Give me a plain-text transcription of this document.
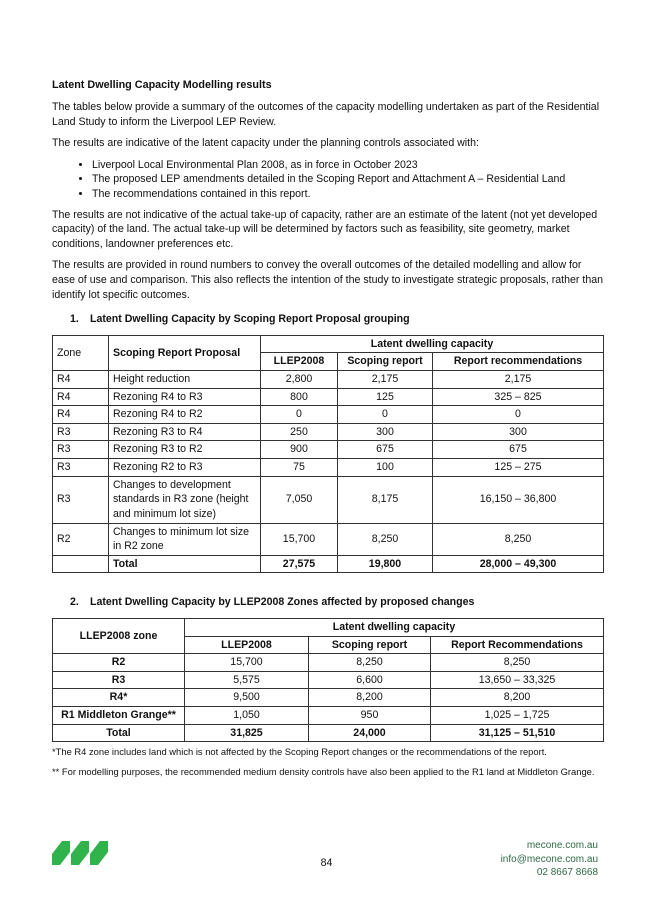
Latent Dwelling Capacity Modelling results

The tables below provide a summary of the outcomes of the capacity modelling undertaken as part of the Residential Land Study to inform the Liverpool LEP Review.

The results are indicative of the latent capacity under the planning controls associated with:

• Liverpool Local Environmental Plan 2008, as in force in October 2023
• The proposed LEP amendments detailed in the Scoping Report and Attachment A – Residential Land
• The recommendations contained in this report.

The results are not indicative of the actual take-up of capacity, rather are an estimate of the latent (not yet developed capacity) of the land. The actual take-up will be determined by factors such as feasibility, site geometry, market conditions, landowner preferences etc.

The results are provided in round numbers to convey the overall outcomes of the detailed modelling and allow for ease of use and comparison. This also reflects the intention of the study to investigate strategic proposals, rather than identify lot specific outcomes.

1.	Latent Dwelling Capacity by Scoping Report Proposal grouping
Zone	Scoping Report Proposal	Latent dwelling capacity		
		LLEP2008	Scoping report	Report recommendations
R4	Height reduction	2,800	2,175	2,175
R4	Rezoning R4 to R3	800	125	325 – 825
R4	Rezoning R4 to R2	0	0	0
R3	Rezoning R3 to R4	250	300	300
R3	Rezoning R3 to R2	900	675	675
R3	Rezoning R2 to R3	75	100	125 – 275
R3	Changes to development standards in R3 zone (height and minimum lot size)	7,050	8,175	16,150 – 36,800
R2	Changes to minimum lot size in R2 zone	15,700	8,250	8,250
	Total	27,575	19,800	28,000 – 49,300
2.	Latent Dwelling Capacity by LLEP2008 Zones affected by proposed changes
LLEP2008 zone	Latent dwelling capacity		
	LLEP2008	Scoping report	Report Recommendations
R2	15,700	8,250	8,250
R3	5,575	6,600	13,650 – 33,325
R4*	9,500	8,200	8,200
R1 Middleton Grange**	1,050	950	1,025 – 1,725
Total	31,825	24,000	31,125 – 51,510
*The R4 zone includes land which is not affected by the Scoping Report changes or the recommendations of the report.
** For modelling purposes, the recommended medium density controls have also been applied to the R1 land at Middleton Grange.
84
mecone.com.au
info@mecone.com.au
02 8667 8668
